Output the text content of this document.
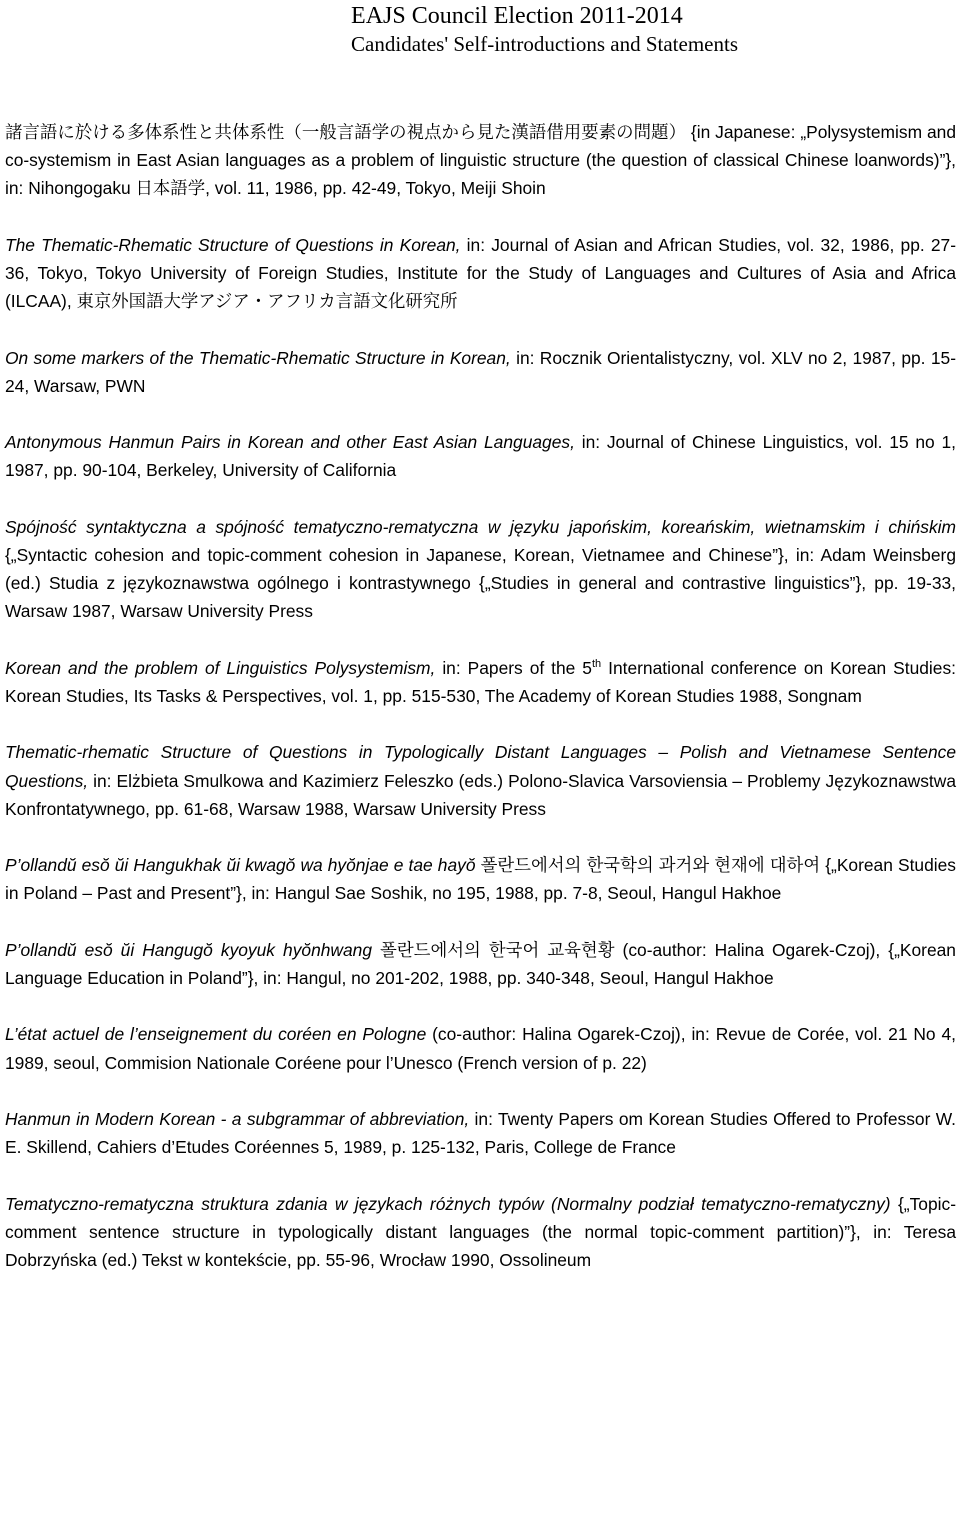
EAJS Council Election 2011-2014
Candidates' Self-introductions and Statements

諸言語に於ける多体系性と共体系性（一般言語学の視点から見た漢語借用要素の問題） {in Japanese: „Polysystemism and co-systemism in East Asian languages as a problem of linguistic structure (the question of classical Chinese loanwords)”}, in: Nihongogaku 日本語学, vol. 11, 1986, pp. 42-49, Tokyo, Meiji Shoin

The Thematic-Rhematic Structure of Questions in Korean, in: Journal of Asian and African Studies, vol. 32, 1986, pp. 27-36, Tokyo, Tokyo University of Foreign Studies, Institute for the Study of Languages and Cultures of Asia and Africa (ILCAA), 東京外国語大学アジア・アフリカ言語文化研究所

On some markers of the Thematic-Rhematic Structure in Korean, in: Rocznik Orientalistyczny, vol. XLV no 2, 1987, pp. 15-24, Warsaw, PWN

Antonymous Hanmun Pairs in Korean and other East Asian Languages, in: Journal of Chinese Linguistics, vol. 15 no 1, 1987, pp. 90-104, Berkeley, University of California

Spójność syntaktyczna a spójność tematyczno-rematyczna w języku japońskim, koreańskim, wietnamskim i chińskim {„Syntactic cohesion and topic-comment cohesion in Japanese, Korean, Vietnamee and Chinese”}, in: Adam Weinsberg (ed.) Studia z językoznawstwa ogólnego i kontrastywnego {„Studies in general and contrastive linguistics”}, pp. 19-33, Warsaw 1987, Warsaw University Press

Korean and the problem of Linguistics Polysystemism, in: Papers of the 5th International conference on Korean Studies: Korean Studies, Its Tasks & Perspectives, vol. 1, pp. 515-530, The Academy of Korean Studies 1988, Songnam

Thematic-rhematic Structure of Questions in Typologically Distant Languages – Polish and Vietnamese Sentence Questions, in: Elżbieta Smulkowa and Kazimierz Feleszko (eds.) Polono-Slavica Varsoviensia – Problemy Językoznawstwa Konfrontatywnego, pp. 61-68, Warsaw 1988, Warsaw University Press

P’ollandŭ esŏ ŭi Hangukhak ŭi kwagŏ wa hyŏnjae e tae hayŏ 폴란드에서의 한국학의 과거와 현재에 대하여 {„Korean Studies in Poland – Past and Present”}, in: Hangul Sae Soshik, no 195, 1988, pp. 7-8, Seoul, Hangul Hakhoe

P’ollandŭ esŏ ŭi Hangugŏ kyoyuk hyŏnhwang 폴란드에서의 한국어 교육현황 (co-author: Halina Ogarek-Czoj), {„Korean Language Education in Poland”}, in: Hangul, no 201-202, 1988, pp. 340-348, Seoul, Hangul Hakhoe

L’état actuel de l’enseignement du coréen en Pologne (co-author: Halina Ogarek-Czoj), in: Revue de Corée, vol. 21 No 4, 1989, seoul, Commision Nationale Coréene pour l’Unesco (French version of p. 22)

Hanmun in Modern Korean - a subgrammar of abbreviation, in: Twenty Papers om Korean Studies Offered to Professor W. E. Skillend, Cahiers d’Etudes Coréennes 5, 1989, p. 125-132, Paris, College de France

Tematyczno-rematyczna struktura zdania w językach różnych typów (Normalny podział tematyczno-rematyczny) {„Topic-comment sentence structure in typologically distant languages (the normal topic-comment partition)”}, in: Teresa Dobrzyńska (ed.) Tekst w kontekście, pp. 55-96, Wrocław 1990, Ossolineum
